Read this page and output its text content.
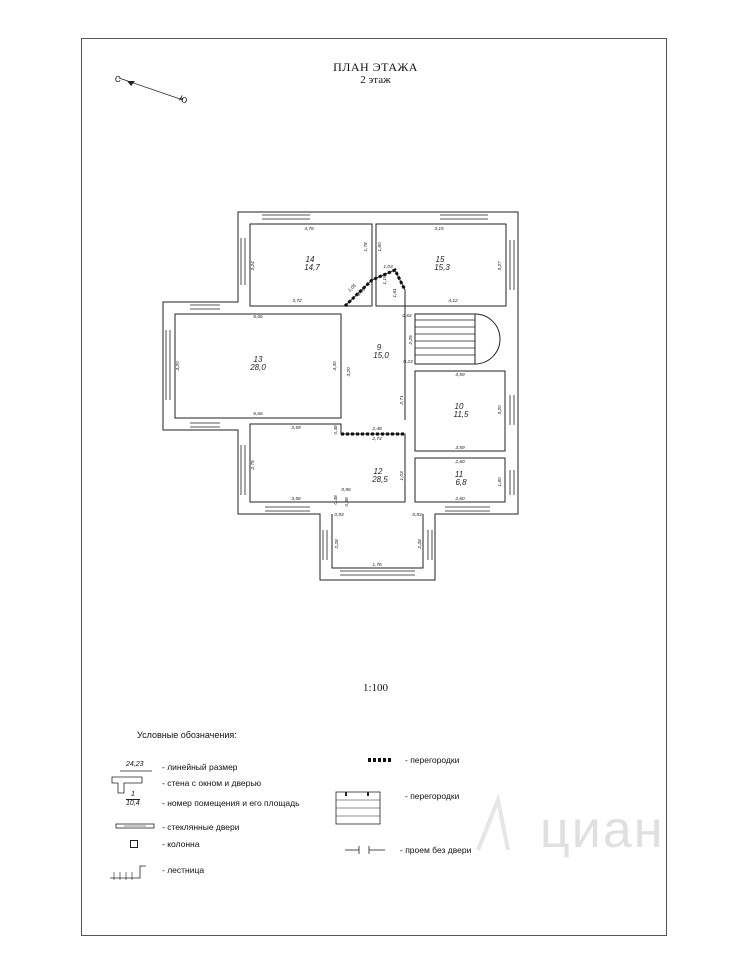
ПЛАН ЭТАЖА
2 этаж
С
Ю
14
14,7
15
15,3
13
28,0
9
15,0
10
11,5
12
28,5
11
6,8
4,78	3,15
3,24
1,78 1,80
3,72	4,12
3,27
1,03
1,19
1,05	1,61
0,46
6,66
6,66
4,20	4,30
3,20
0,64
2,25
0,23
3,59
3,59
2,71
3,20
2,48
2,74
0,48
3,59
2,75	2,60
2,60
1,03
1,80
3,58	0,48
0,96
0,98
0,93	0,93
2,28	2,28
1,76
1:100
Условные обозначения:
24,23 - линейный размер
- стена с окном и дверью
1
10,4	- номер помещения и его площадь
- стеклянные двери
- колонна
- лестница
- перегородки
- перегородки
- проем без двери циан
